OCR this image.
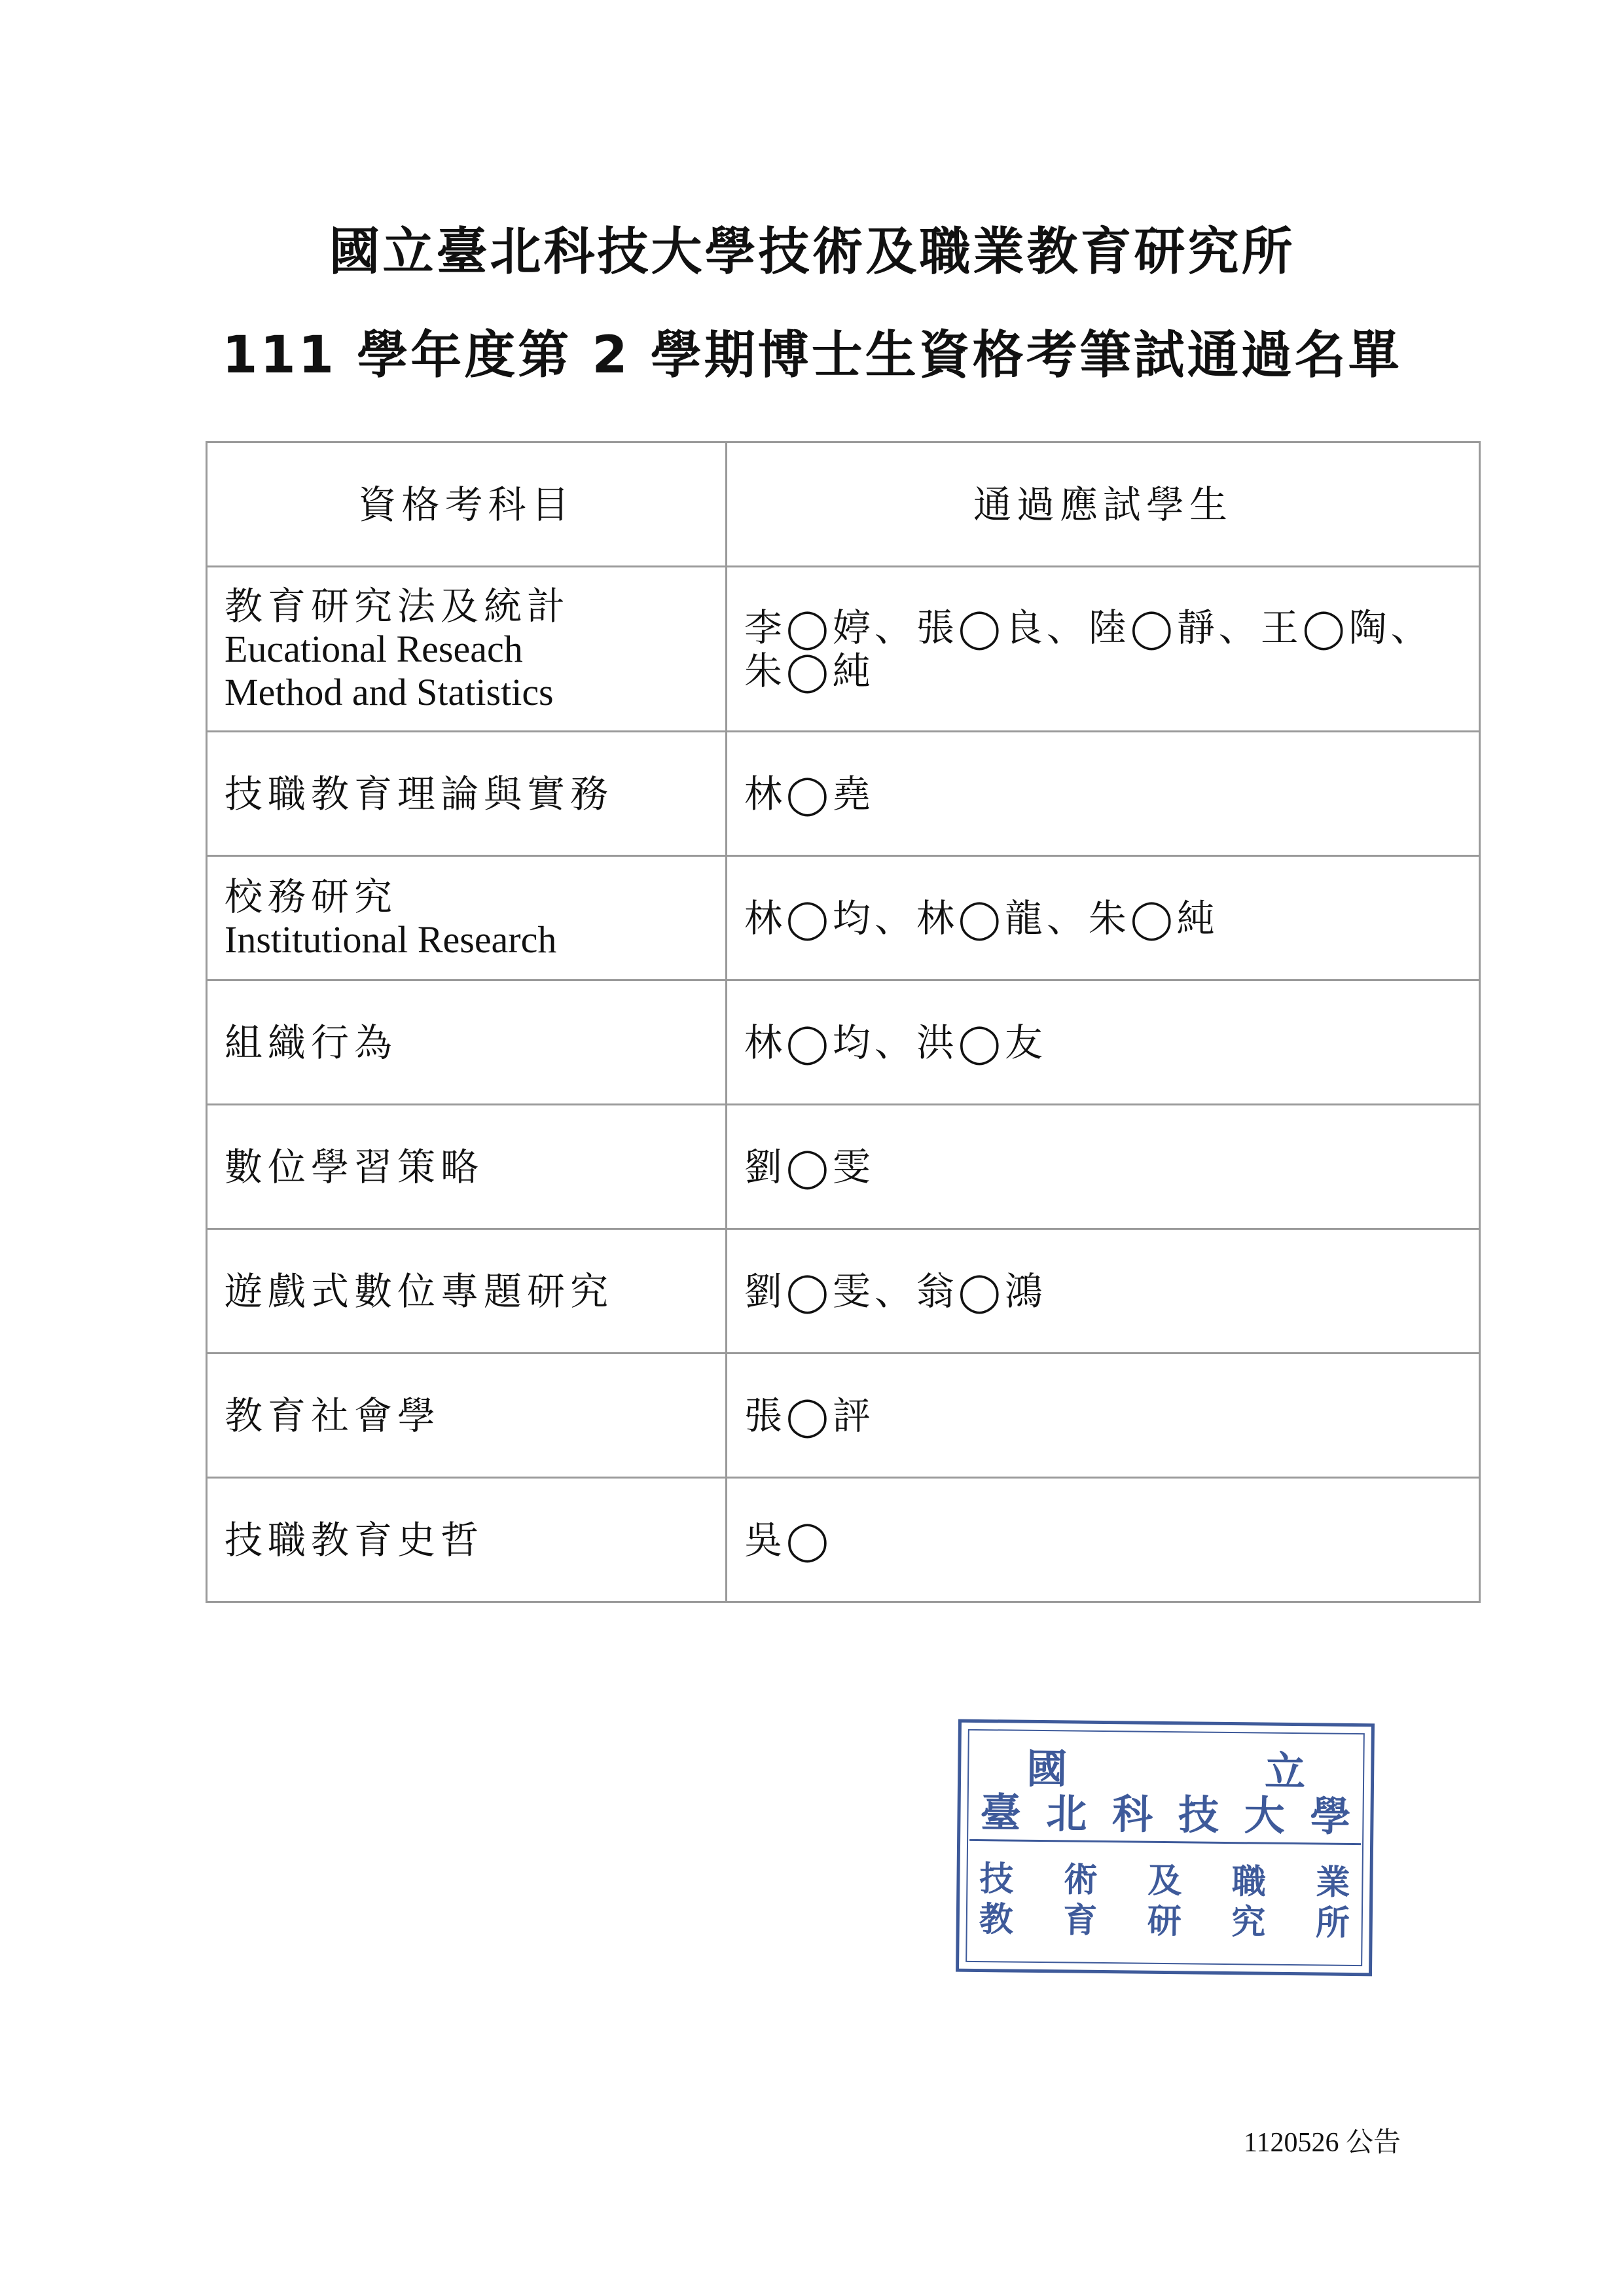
國立臺北科技大學技術及職業教育研究所
111 學年度第 2 學期博士生資格考筆試通過名單
資格考科目	通過應試學生

教育研究法及統計
Eucational Reseach
Method and Statistics	李◯婷、張◯良、陸◯靜、王◯陶、朱◯純

技職教育理論與實務	林◯堯

校務研究
Institutional Research	林◯均、林◯龍、朱◯純

組織行為	林◯均、洪◯友

數位學習策略	劉◯雯

遊戲式數位專題研究	劉◯雯、翁◯鴻

教育社會學	張◯評

技職教育史哲	吳◯
國	立
臺 北 科 技 大 學
技 術 及 職 業
教 育 研 究 所
1120526 公告
